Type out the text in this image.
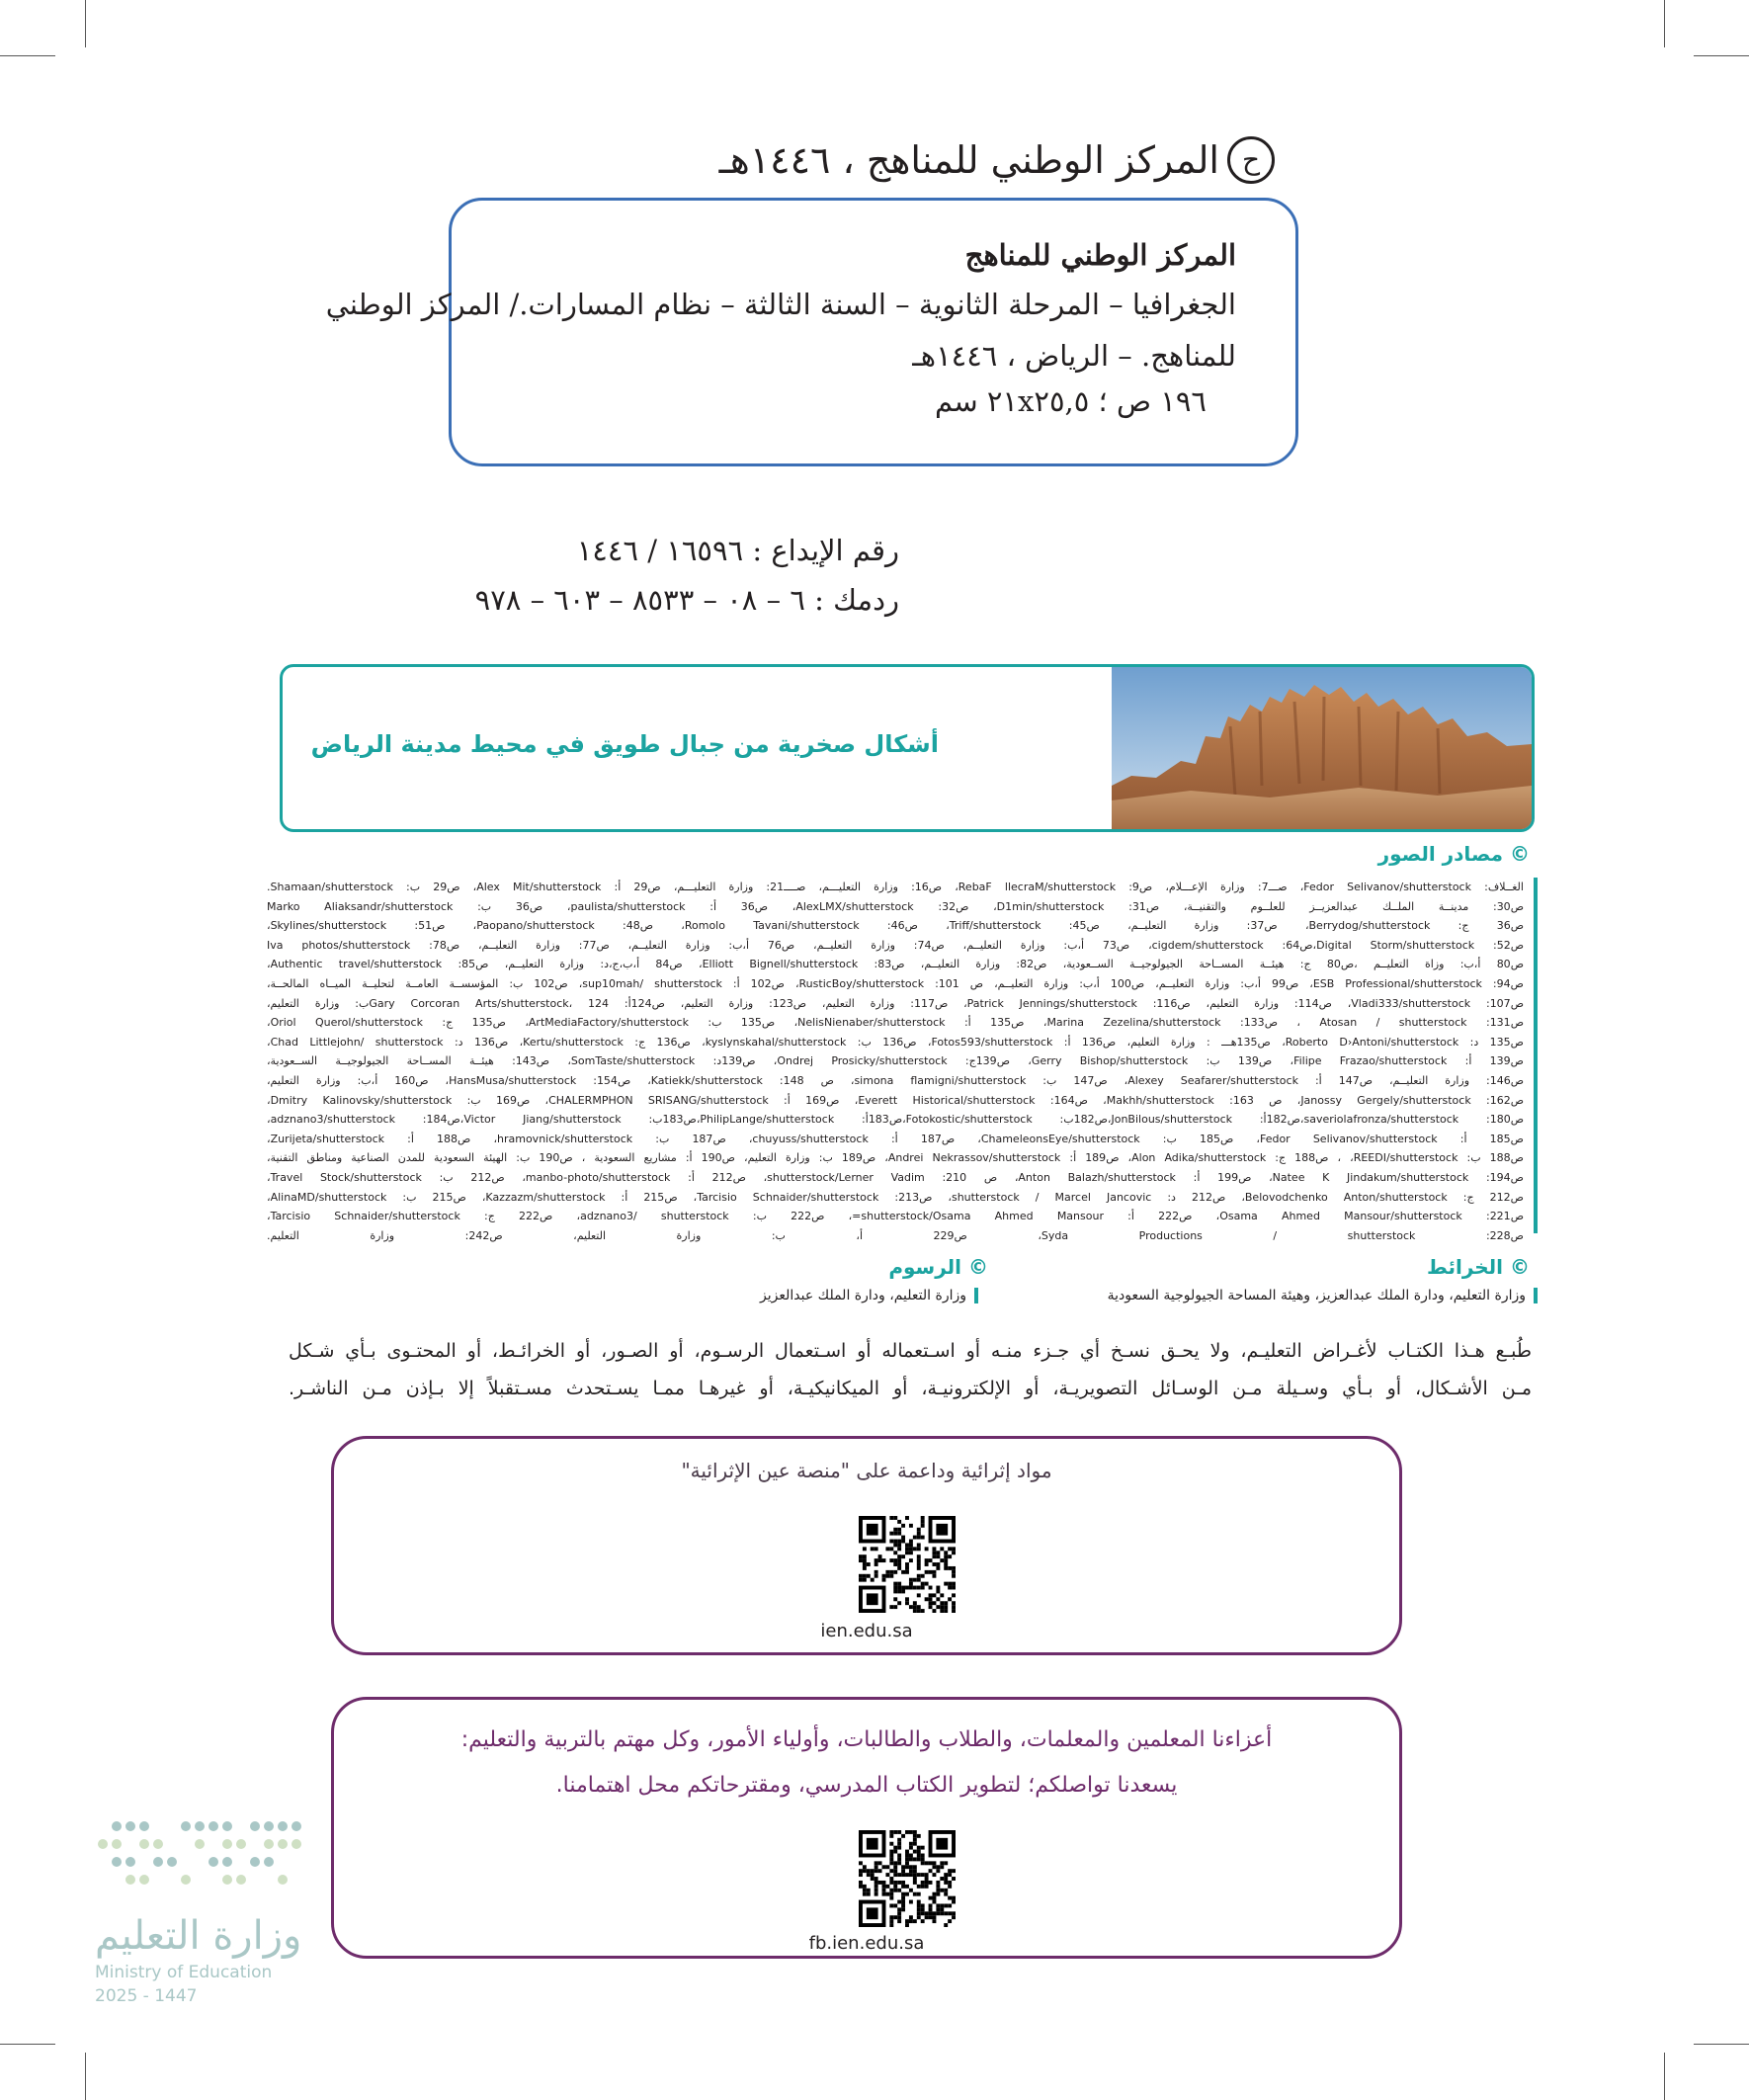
ح
المركز الوطني للمناهج ، ١٤٤٦هـ
المركز الوطني للمناهج
الجغرافيا – المرحلة الثانوية – السنة الثالثة – نظام المسارات./ المركز الوطني
للمناهج. – الرياض ، ١٤٤٦هـ
١٩٦ ص ؛ ٢١x٢٥,٥ سم
رقم الإيداع : ١٦٥٩٦ / ١٤٤٦
ردمك : ٦ – ٠٨ – ٨٥٣٣ – ٦٠٣ – ٩٧٨
أشكال صخرية من جبال طويق في محيط مدينة الرياض
© مصادر الصور
الغــلاف: Fedor Selivanov/shutterstock، صـــ7: وزارة الإعـــلام، ص9: RebaF llecraM/shutterstock، ص16: وزارة التعليـــم، صــــ21: وزارة التعليـــم، ص29 أ: Alex Mit/shutterstock، ص29 ب: Shamaan/shutterstock.
ص30: مدينــة الملــك عبدالعزيــز للعلــوم والتقنيــة، ص31: D1min/shutterstock، ص32: AlexLMX/shutterstock، ص36 أ: paulista/shutterstock، ص36 ب: Marko Aliaksandr/shutterstock
ص36 ج: Berrydog/shutterstock، ص37: وزارة التعليــم، ص45: Triff/shutterstock، ص46: Romolo Tavani/shutterstock، ص48: Paopano/shutterstock، ص51: Skylines/shutterstock،
ص52: Digital Storm/shutterstock،ص64: cigdem/shutterstock، ص73 أ،ب: وزارة التعليــم، ص74: وزارة التعليــم، ص76 أ،ب: وزارة التعليــم، ص77: وزارة التعليــم، ص78: Iva photos/shutterstock
ص80 أ،ب: وزاة التعليــم ،ص80 ج: هيئــة المســاحة الجيولوجيــة الســعودية، ص82: وزارة التعليــم، ص83: Elliott Bignell/shutterstock، ص84 أ،ب،ج،د: وزارة التعليــم، ص85: Authentic travel/shutterstock،
ص94: ESB Professional/shutterstock، ص99 أ،ب: وزارة التعليــم، ص100 أ،ب: وزارة التعليــم، ص 101: RusticBoy/shutterstock، ص102 أ: sup10mah/ shutterstock، ص102 ب: المؤسســة العامــة لتحليــة الميــاه المالحــة،
ص107: Vladi333/shutterstock، ص114: وزارة التعليم، ص116: Patrick Jennings/shutterstock، ص117: وزارة التعليم، ص123: وزارة التعليم، ص124أ: Gary Corcoran Arts/shutterstock، 124ب: وزارة التعليم،
ص131: Atosan / shutterstock ، ص133: Marina Zezelina/shutterstock، ص135 أ: NelisNienaber/shutterstock، ص135 ب: ArtMediaFactory/shutterstock، ص135 ج: Oriol Querol/shutterstock،
ص135 د: Roberto D›Antoni/shutterstock، ص135هـــ : وزارة التعليم، ص136 أ: Fotos593/shutterstock، ص136 ب: kyslynskahal/shutterstock، ص136 ج: Kertu/shutterstock، ص136 د: Chad Littlejohn/ shutterstock،
ص139 أ: Filipe Frazao/shutterstock، ص139 ب: Gerry Bishop/shutterstock، ص139ج: Ondrej Prosicky/shutterstock، ص139د: SomTaste/shutterstock، ص143: هيئــة المســاحة الجيولوجيــة الســعودية،
ص146: وزارة التعليــم، ص147 أ: Alexey Seafarer/shutterstock، ص147 ب: simona flamigni/shutterstock، ص 148: Katiekk/shutterstock، ص154: HansMusa/shutterstock، ص160 أ،ب: وزارة التعليم،
ص162: Janossy Gergely/shutterstock، ص 163: Makhh/shutterstock، ص164: Everett Historical/shutterstock، ص169 أ: CHALERMPHON SRISANG/shutterstock، ص169 ب: Dmitry Kalinovsky/shutterstock،
ص180: saveriolafronza/shutterstock،ص182أ: JonBilous/shutterstock،ص182ب: Fotokostic/shutterstock،ص183أ: PhilipLange/shutterstock،ص183ب: Victor Jiang/shutterstock،ص184: adznano3/shutterstock،
ص185 أ: Fedor Selivanov/shutterstock، ص185 ب: ChameleonsEye/shutterstock، ص187 أ: chuyuss/shutterstock، ص187 ب: hramovnick/shutterstock، ص188 أ: Zurijeta/shutterstock،
ص188 ب: REEDI/shutterstock، ، ص188 ج: Alon Adika/shutterstock، ص189 أ: Andrei Nekrassov/shutterstock، ص189 ب: وزارة التعليم، ص190 أ: مشاريع السعودية ، ص190 ب: الهيئة السعودية للمدن الصناعية ومناطق التقنية،
ص194: Natee K Jindakum/shutterstock، ص199 أ: Anton Balazh/shutterstock، ص 210: shutterstock/Lerner Vadim، ص212 أ: manbo-photo/shutterstock، ص212 ب: Travel Stock/shutterstock،
ص212 ج: Belovodchenko Anton/shutterstock، ص212 د: shutterstock / Marcel Jancovic، ص213: Tarcisio Schnaider/shutterstock، ص215 أ: Kazzazm/shutterstock، ص215 ب: AlinaMD/shutterstock،
ص221: Osama Ahmed Mansour/shutterstock، ص222 أ: shutterstock/Osama Ahmed Mansour=، ص222 ب: adznano3/ shutterstock، ص222 ج: Tarcisio Schnaider/shutterstock،
ص228: Syda Productions / shutterstock، ص229 أ، ب: وزارة التعليم، ص242: وزارة التعليم.
© الخرائط
وزارة التعليم، ودارة الملك عبدالعزيز، وهيئة المساحة الجيولوجية السعودية
© الرسوم
وزارة التعليم، ودارة الملك عبدالعزيز
طُبـع هـذا الكتـاب لأغـراض التعليـم، ولا يحـق نسـخ أي جـزء منـه أو اسـتعماله أو اسـتعمال الرسـوم، أو الصـور، أو الخرائـط، أو المحتـوى بـأي شـكل
مـن الأشـكال، أو بـأي وسـيلة مـن الوسـائل التصويريـة، أو الإلكترونيـة، أو الميكانيكيـة، أو غيرهـا ممـا يسـتحدث مسـتقبلاً إلا بـإذن مـن الناشـر.
مواد إثرائية وداعمة على "منصة عين الإثرائية"
ien.edu.sa
أعزاءنا المعلمين والمعلمات، والطلاب والطالبات، وأولياء الأمور، وكل مهتم بالتربية والتعليم:
يسعدنا تواصلكم؛ لتطوير الكتاب المدرسي، ومقترحاتكم محل اهتمامنا.
fb.ien.edu.sa
وزارة التعليم
Ministry of Education
2025 - 1447
